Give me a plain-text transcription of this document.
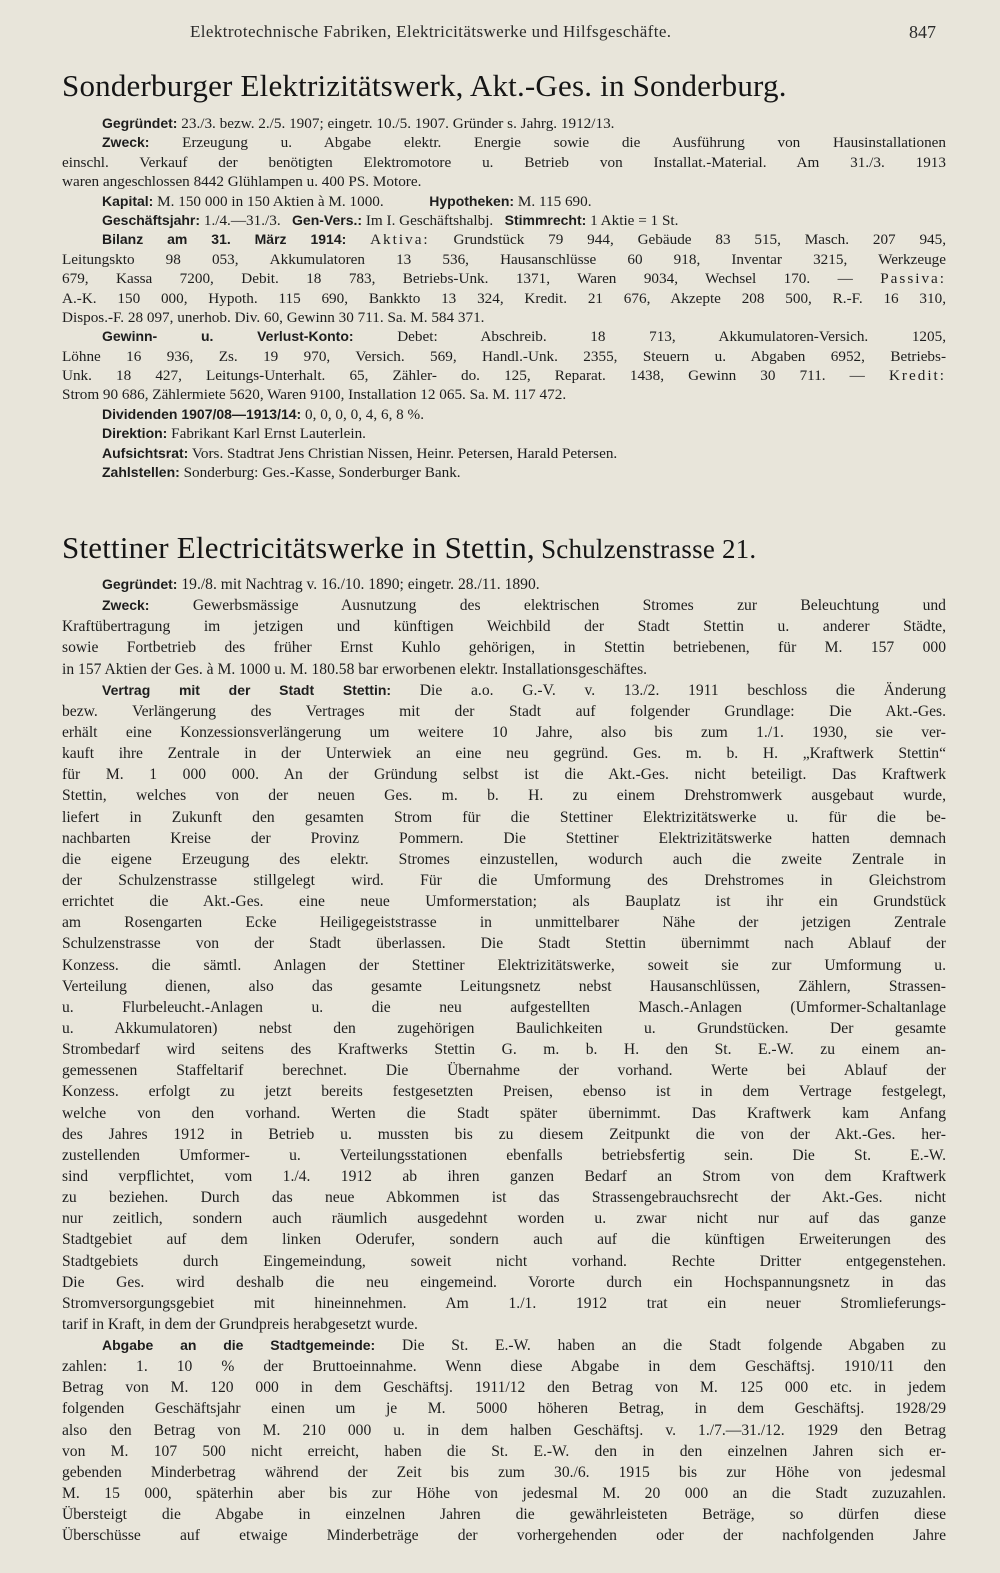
Elektrotechnische Fabriken, Elektricitätswerke und Hilfsgeschäfte.	847
Sonderburger Elektrizitätswerk, Akt.-Ges. in Sonderburg.
Gegründet: 23./3. bezw. 2./5. 1907; eingetr. 10./5. 1907. Gründer s. Jahrg. 1912/13.
Zweck: Erzeugung u. Abgabe elektr. Energie sowie die Ausführung von Hausinstallationen
einschl. Verkauf der benötigten Elektromotore u. Betrieb von Installat.-Material. Am 31./3. 1913
waren angeschlossen 8442 Glühlampen u. 400 PS. Motore.
Kapital: M. 150 000 in 150 Aktien à M. 1000.	Hypotheken: M. 115 690.
Geschäftsjahr: 1./4.—31./3. Gen-Vers.: Im I. Geschäftshalbj. Stimmrecht: 1 Aktie = 1 St.
Bilanz am 31. März 1914: Aktiva: Grundstück 79 944, Gebäude 83 515, Masch. 207 945,
Leitungsktо 98 053, Akkumulatoren 13 536, Hausanschlüsse 60 918, Inventar 3215, Werkzeuge
679, Kassa 7200, Debit. 18 783, Betriebs-Unk. 1371, Waren 9034, Wechsel 170. — Passiva:
A.-K. 150 000, Hypoth. 115 690, Bankkto 13 324, Kredit. 21 676, Akzepte 208 500, R.-F. 16 310,
Dispos.-F. 28 097, unerhob. Div. 60, Gewinn 30 711. Sa. M. 584 371.
Gewinn- u. Verlust-Konto:	Debet: Abschreib. 18 713, Akkumulatoren-Versich. 1205,
Löhne 16 936, Zs. 19 970, Versich. 569, Handl.-Unk. 2355, Steuern u. Abgaben 6952, Betriebs-
Unk. 18 427, Leitungs-Unterhalt. 65, Zähler- do. 125, Reparat. 1438, Gewinn 30 711. — Kredit:
Strom 90 686, Zählermiete 5620, Waren 9100, Installation 12 065. Sa. M. 117 472.
Dividenden 1907/08—1913/14: 0, 0, 0, 0, 4, 6, 8 %.
Direktion: Fabrikant Karl Ernst Lauterlein.
Aufsichtsrat: Vors. Stadtrat Jens Christian Nissen, Heinr. Petersen, Harald Petersen.
Zahlstellen: Sonderburg: Ges.-Kasse, Sonderburger Bank.
Stettiner Electricitätswerke in Stettin, Schulzenstrasse 21.
Gegründet: 19./8. mit Nachtrag v. 16./10. 1890; eingetr. 28./11. 1890.
Zweck:	Gewerbsmässige Ausnutzung des elektrischen Stromes zur Beleuchtung und
Kraftübertragung im jetzigen und künftigen Weichbild der Stadt Stettin u. anderer Städte,
sowie Fortbetrieb des früher Ernst Kuhlo gehörigen, in Stettin betriebenen, für M. 157 000
in 157 Aktien der Ges. à M. 1000 u. M. 180.58 bar erworbenen elektr. Installationsgeschäftes.
Vertrag mit der Stadt Stettin: Die a.o. G.-V. v. 13./2. 1911 beschloss die Änderung
bezw. Verlängerung des Vertrages mit der Stadt auf folgender Grundlage: Die Akt.-Ges.
erhält eine Konzessionsverlängerung um weitere 10 Jahre, also bis zum 1./1. 1930, sie ver-
kauft ihre Zentrale in der Unterwiek an eine neu gegründ. Ges. m. b. H. „Kraftwerk Stettin“
für M. 1 000 000. An der Gründung selbst ist die Akt.-Ges. nicht beteiligt. Das Kraftwerk
Stettin, welches von der neuen Ges. m. b. H. zu einem Drehstromwerk ausgebaut wurde,
liefert in Zukunft den gesamten Strom für die Stettiner Elektrizitätswerke u. für die be-
nachbarten Kreise der Provinz Pommern. Die Stettiner Elektrizitätswerke hatten demnach
die eigene Erzeugung des elektr. Stromes einzustellen, wodurch auch die zweite Zentrale in
der Schulzenstrasse stillgelegt wird. Für die Umformung des Drehstromes in Gleichstrom
errichtet die Akt.-Ges. eine neue Umformerstation; als Bauplatz ist ihr ein Grundstück
am Rosengarten Ecke Heiligegeiststrasse in unmittelbarer Nähe der jetzigen Zentrale
Schulzenstrasse von der Stadt überlassen. Die Stadt Stettin übernimmt nach Ablauf der
Konzess. die sämtl. Anlagen der Stettiner Elektrizitätswerke, soweit sie zur Umformung u.
Verteilung dienen, also das gesamte Leitungsnetz nebst Hausanschlüssen, Zählern, Strassen-
u. Flurbeleucht.-Anlagen u. die neu aufgestellten Masch.-Anlagen (Umformer-Schaltanlage
u. Akkumulatoren) nebst den zugehörigen Baulichkeiten u. Grundstücken. Der gesamte
Strombedarf wird seitens des Kraftwerks Stettin G. m. b. H. den St. E.-W. zu einem an-
gemessenen Staffeltarif berechnet. Die Übernahme der vorhand. Werte bei Ablauf der
Konzess. erfolgt zu jetzt bereits festgesetzten Preisen, ebenso ist in dem Vertrage festgelegt,
welche von den vorhand. Werten die Stadt später übernimmt. Das Kraftwerk kam Anfang
des Jahres 1912 in Betrieb u. mussten bis zu diesem Zeitpunkt die von der Akt.-Ges. her-
zustellenden Umformer- u. Verteilungsstationen ebenfalls betriebsfertig sein. Die St. E.-W.
sind verpflichtet, vom 1./4. 1912 ab ihren ganzen Bedarf an Strom von dem Kraftwerk
zu beziehen. Durch das neue Abkommen ist das Strassengebrauchsrecht der Akt.-Ges. nicht
nur zeitlich, sondern auch räumlich ausgedehnt worden u. zwar nicht nur auf das ganze
Stadtgebiet auf dem linken Oderufer, sondern auch auf die künftigen Erweiterungen des
Stadtgebiets durch Eingemeindung, soweit nicht vorhand. Rechte Dritter entgegenstehen.
Die Ges. wird deshalb die neu eingemeind. Vororte durch ein Hochspannungsnetz in das
Stromversorgungsgebiet mit hineinnehmen. Am 1./1. 1912 trat ein neuer Stromlieferungs-
tarif in Kraft, in dem der Grundpreis herabgesetzt wurde.
Abgabe an die Stadtgemeinde: Die St. E.-W. haben an die Stadt folgende Abgaben zu
zahlen: 1. 10 % der Bruttoeinnahme. Wenn diese Abgabe in dem Geschäftsj. 1910/11 den
Betrag von M. 120 000 in dem Geschäftsj. 1911/12 den Betrag von M. 125 000 etc. in jedem
folgenden Geschäftsjahr einen um je M. 5000 höheren Betrag, in dem Geschäftsj. 1928/29
also den Betrag von M. 210 000 u. in dem halben Geschäftsj. v. 1./7.—31./12. 1929 den Betrag
von M. 107 500 nicht erreicht, haben die St. E.-W. den in den einzelnen Jahren sich er-
gebenden Minderbetrag während der Zeit bis zum 30./6. 1915 bis zur Höhe von jedesmal
M. 15 000, späterhin aber bis zur Höhe von jedesmal M. 20 000 an die Stadt zuzuzahlen.
Übersteigt die Abgabe in einzelnen Jahren die gewährleisteten Beträge, so dürfen diese
Überschüsse auf etwaige Minderbeträge der vorhergehenden oder der nachfolgenden Jahre
